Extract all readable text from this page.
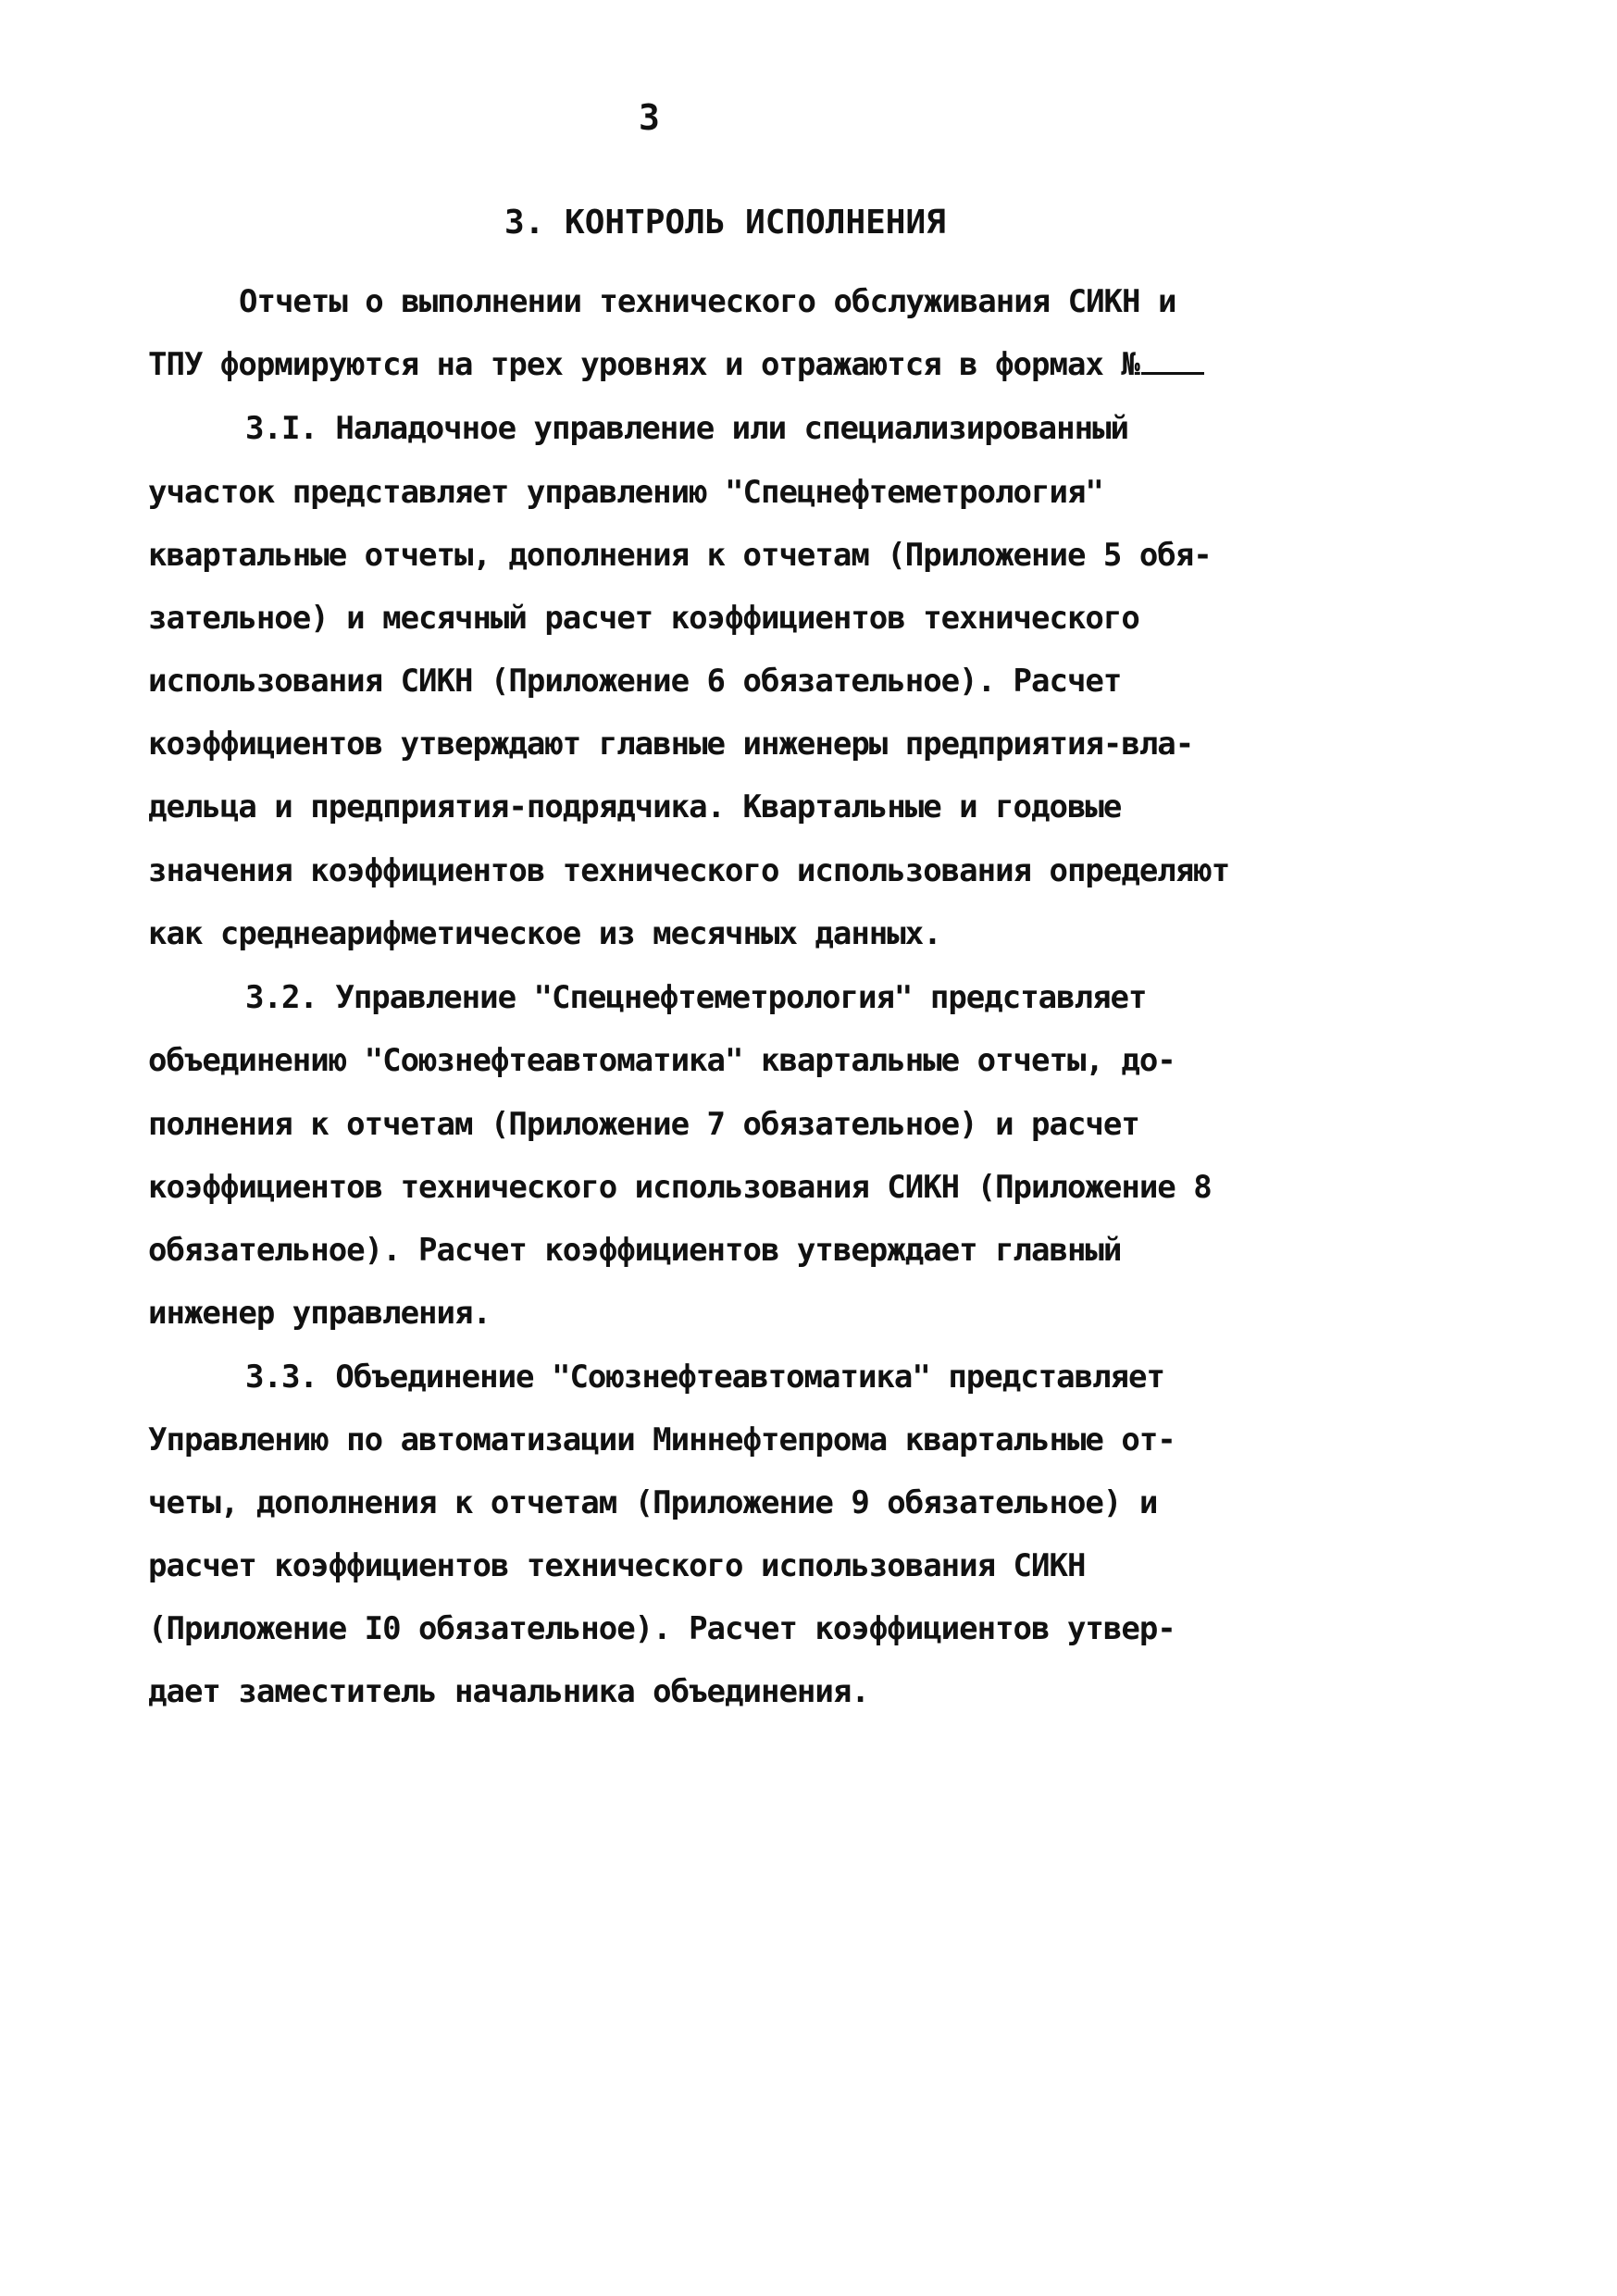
3
3. КОНТРОЛЬ ИСПОЛНЕНИЯ
Отчеты о выполнении технического обслуживания СИКН и
ТПУ формируются на трех уровнях и отражаются в формах №
3.I. Наладочное управление или специализированный
участок представляет управлению "Спецнефтеметрология"
квартальные отчеты, дополнения к отчетам (Приложение 5 обя-
зательное) и месячный расчет коэффициентов технического
использования СИКН (Приложение 6 обязательное). Расчет
коэффициентов утверждают главные инженеры предприятия-вла-
дельца и предприятия-подрядчика. Квартальные и годовые
значения коэффициентов технического использования определяют
как среднеарифметическое из месячных данных.
3.2. Управление "Спецнефтеметрология" представляет
объединению "Союзнефтеавтоматика" квартальные отчеты, до-
полнения к отчетам (Приложение 7 обязательное) и расчет
коэффициентов технического использования СИКН (Приложение 8
обязательное). Расчет коэффициентов утверждает главный
инженер управления.
3.3. Объединение "Союзнефтеавтоматика" представляет
Управлению по автоматизации Миннефтепрома квартальные от-
четы, дополнения к отчетам (Приложение 9 обязательное) и
расчет коэффициентов технического использования СИКН
(Приложение I0 обязательное). Расчет коэффициентов утвер-
дает заместитель начальника объединения.
